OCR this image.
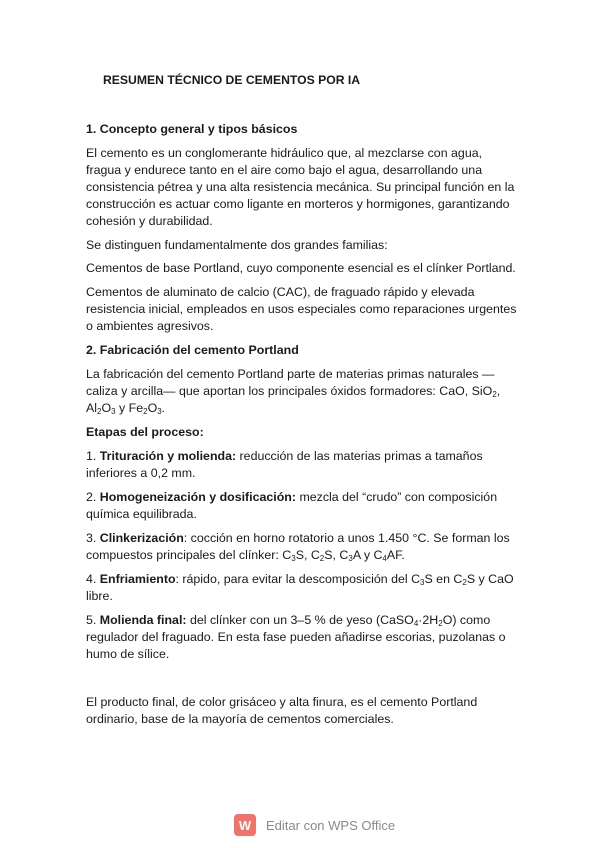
RESUMEN TÉCNICO DE CEMENTOS POR IA
1. Concepto general y tipos básicos
El cemento es un conglomerante hidráulico que, al mezclarse con agua, fragua y endurece tanto en el aire como bajo el agua, desarrollando una consistencia pétrea y una alta resistencia mecánica. Su principal función en la construcción es actuar como ligante en morteros y hormigones, garantizando cohesión y durabilidad.
Se distinguen fundamentalmente dos grandes familias:
Cementos de base Portland, cuyo componente esencial es el clínker Portland.
Cementos de aluminato de calcio (CAC), de fraguado rápido y elevada resistencia inicial, empleados en usos especiales como reparaciones urgentes o ambientes agresivos.
2. Fabricación del cemento Portland
La fabricación del cemento Portland parte de materias primas naturales —caliza y arcilla— que aportan los principales óxidos formadores: CaO, SiO$_2$, $Al_2O_3$ y $Fe_2O_3$.
Etapas del proceso:
1. Trituración y molienda: reducción de las materias primas a tamaños inferiores a 0,2 mm.
2. Homogeneización y dosificación: mezcla del “crudo” con composición química equilibrada.
3. Clinkerización: cocción en horno rotatorio a unos 1.450 °C. Se forman los compuestos principales del clínker: $C_3S$, $C_2S$, $C_3A$ y $C_4AF$.
4. Enfriamiento: rápido, para evitar la descomposición del $C_3S$ en $C_2S$ y CaO libre.
5. Molienda final: del clínker con un 3–5 % de yeso $(CaSO_4\cdot 2H_2O)$ como regulador del fraguado. En esta fase pueden añadirse escorias, puzolanas o humo de sílice.
El producto final, de color grisáceo y alta finura, es el cemento Portland ordinario, base de la mayoría de cementos comerciales.
W	Editar con WPS Office
